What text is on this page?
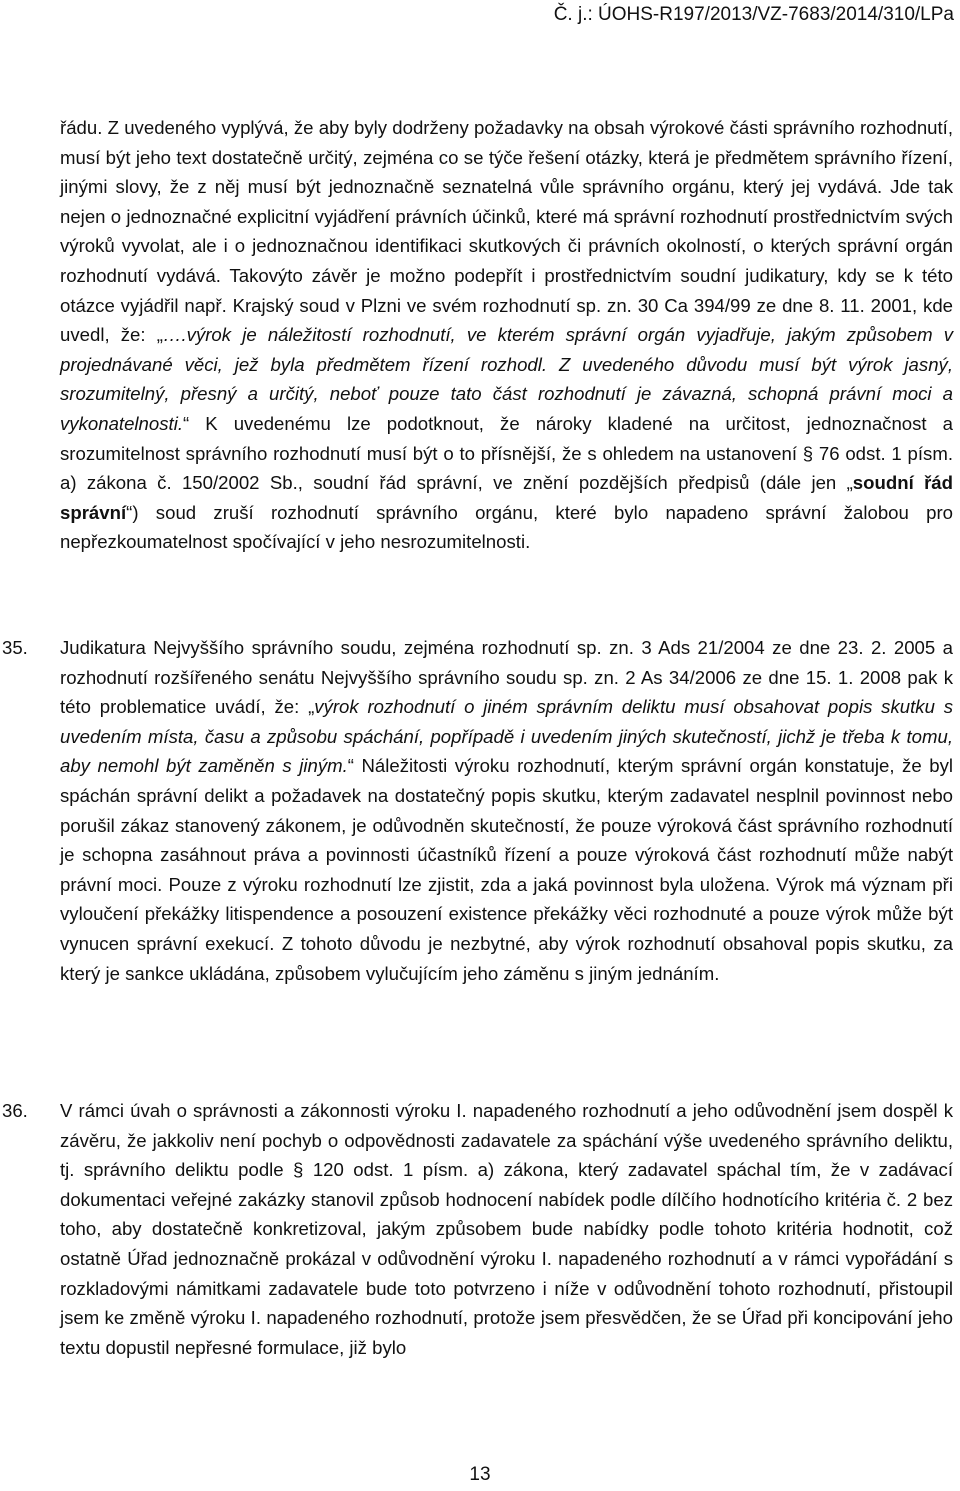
Č. j.: ÚOHS-R197/2013/VZ-7683/2014/310/LPa

řádu. Z uvedeného vyplývá, že aby byly dodrženy požadavky na obsah výrokové části správního rozhodnutí, musí být jeho text dostatečně určitý, zejména co se týče řešení otázky, která je předmětem správního řízení, jinými slovy, že z něj musí být jednoznačně seznatelná vůle správního orgánu, který jej vydává. Jde tak nejen o jednoznačné explicitní vyjádření právních účinků, které má správní rozhodnutí prostřednictvím svých výroků vyvolat, ale i o jednoznačnou identifikaci skutkových či právních okolností, o kterých správní orgán rozhodnutí vydává. Takovýto závěr je možno podepřít i prostřednictvím soudní judikatury, kdy se k této otázce vyjádřil např. Krajský soud v Plzni ve svém rozhodnutí sp. zn. 30 Ca 394/99 ze dne 8. 11. 2001, kde uvedl, že: „….výrok je náležitostí rozhodnutí, ve kterém správní orgán vyjadřuje, jakým způsobem v projednávané věci, jež byla předmětem řízení rozhodl. Z uvedeného důvodu musí být výrok jasný, srozumitelný, přesný a určitý, neboť pouze tato část rozhodnutí je závazná, schopná právní moci a vykonatelnosti.“ K uvedenému lze podotknout, že nároky kladené na určitost, jednoznačnost a srozumitelnost správního rozhodnutí musí být o to přísnější, že s ohledem na ustanovení § 76 odst. 1 písm. a) zákona č. 150/2002 Sb., soudní řád správní, ve znění pozdějších předpisů (dále jen „soudní řád správní“) soud zruší rozhodnutí správního orgánu, které bylo napadeno správní žalobou pro nepřezkoumatelnost spočívající v jeho nesrozumitelnosti.

35. Judikatura Nejvyššího správního soudu, zejména rozhodnutí sp. zn. 3 Ads 21/2004 ze dne 23. 2. 2005 a rozhodnutí rozšířeného senátu Nejvyššího správního soudu sp. zn. 2 As 34/2006 ze dne 15. 1. 2008 pak k této problematice uvádí, že: „výrok rozhodnutí o jiném správním deliktu musí obsahovat popis skutku s uvedením místa, času a způsobu spáchání, popřípadě i uvedením jiných skutečností, jichž je třeba k tomu, aby nemohl být zaměněn s jiným.“ Náležitosti výroku rozhodnutí, kterým správní orgán konstatuje, že byl spáchán správní delikt a požadavek na dostatečný popis skutku, kterým zadavatel nesplnil povinnost nebo porušil zákaz stanovený zákonem, je odůvodněn skutečností, že pouze výroková část správního rozhodnutí je schopna zasáhnout práva a povinnosti účastníků řízení a pouze výroková část rozhodnutí může nabýt právní moci. Pouze z výroku rozhodnutí lze zjistit, zda a jaká povinnost byla uložena. Výrok má význam při vyloučení překážky litispendence a posouzení existence překážky věci rozhodnuté a pouze výrok může být vynucen správní exekucí. Z tohoto důvodu je nezbytné, aby výrok rozhodnutí obsahoval popis skutku, za který je sankce ukládána, způsobem vylučujícím jeho záměnu s jiným jednáním.

36. V rámci úvah o správnosti a zákonnosti výroku I. napadeného rozhodnutí a jeho odůvodnění jsem dospěl k závěru, že jakkoliv není pochyb o odpovědnosti zadavatele za spáchání výše uvedeného správního deliktu, tj. správního deliktu podle § 120 odst. 1 písm. a) zákona, který zadavatel spáchal tím, že v zadávací dokumentaci veřejné zakázky stanovil způsob hodnocení nabídek podle dílčího hodnotícího kritéria č. 2 bez toho, aby dostatečně konkretizoval, jakým způsobem bude nabídky podle tohoto kritéria hodnotit, což ostatně Úřad jednoznačně prokázal v odůvodnění výroku I. napadeného rozhodnutí a v rámci vypořádání s rozkladovými námitkami zadavatele bude toto potvrzeno i níže v odůvodnění tohoto rozhodnutí, přistoupil jsem ke změně výroku I. napadeného rozhodnutí, protože jsem přesvědčen, že se Úřad při koncipování jeho textu dopustil nepřesné formulace, již bylo

13
